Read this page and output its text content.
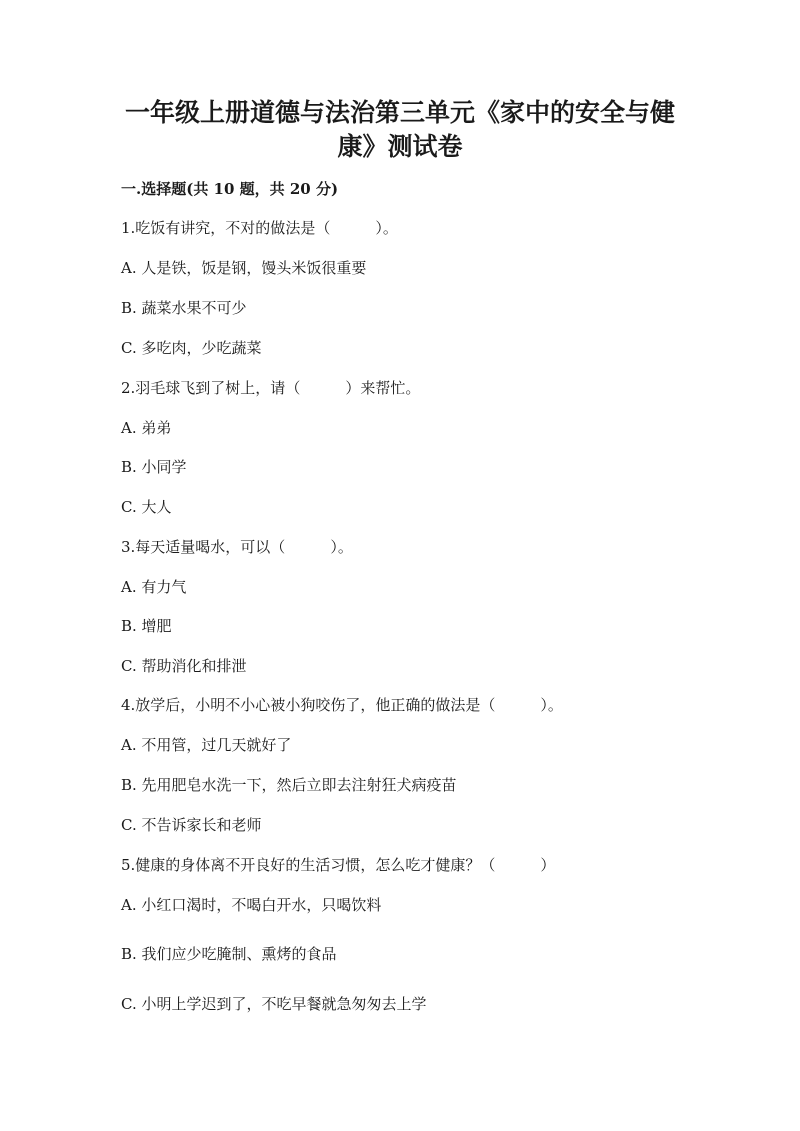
一年级上册道德与法治第三单元《家中的安全与健
康》测试卷
一.选择题(共 10 题，共 20 分)

1.吃饭有讲究，不对的做法是（　　　）。

A. 人是铁，饭是钢，馒头米饭很重要

B. 蔬菜水果不可少

C. 多吃肉，少吃蔬菜

2.羽毛球飞到了树上，请（　　　）来帮忙。

A. 弟弟

B. 小同学

C. 大人

3.每天适量喝水，可以（　　　）。

A. 有力气

B. 增肥

C. 帮助消化和排泄

4.放学后，小明不小心被小狗咬伤了，他正确的做法是（　　　）。

A. 不用管，过几天就好了

B. 先用肥皂水洗一下，然后立即去注射狂犬病疫苗

C. 不告诉家长和老师

5.健康的身体离不开良好的生活习惯，怎么吃才健康？（　　　）

A. 小红口渴时，不喝白开水，只喝饮料

B. 我们应少吃腌制、熏烤的食品

C. 小明上学迟到了，不吃早餐就急匆匆去上学
